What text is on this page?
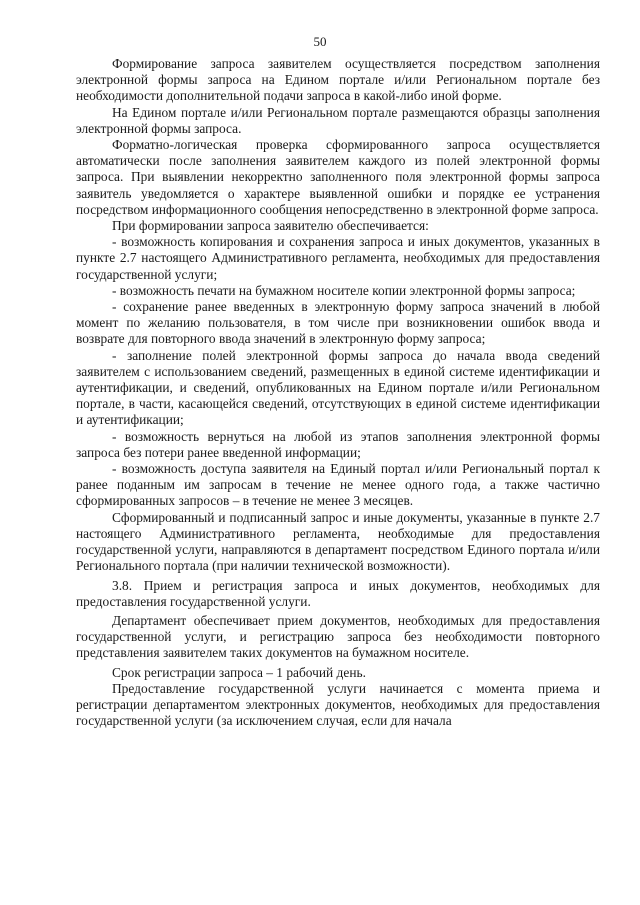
50

Формирование запроса заявителем осуществляется посредством заполнения электронной формы запроса на Едином портале и/или Региональном портале без необходимости дополнительной подачи запроса в какой-либо иной форме.

На Едином портале и/или Региональном портале размещаются образцы заполнения электронной формы запроса.

Форматно-логическая проверка сформированного запроса осуществляется автоматически после заполнения заявителем каждого из полей электронной формы запроса. При выявлении некорректно заполненного поля электронной формы запроса заявитель уведомляется о характере выявленной ошибки и порядке ее устранения посредством информационного сообщения непосредственно в электронной форме запроса.

При формировании запроса заявителю обеспечивается:

- возможность копирования и сохранения запроса и иных документов, указанных в пункте 2.7 настоящего Административного регламента, необходимых для предоставления государственной услуги;

- возможность печати на бумажном носителе копии электронной формы запроса;

- сохранение ранее введенных в электронную форму запроса значений в любой момент по желанию пользователя, в том числе при возникновении ошибок ввода и возврате для повторного ввода значений в электронную форму запроса;

- заполнение полей электронной формы запроса до начала ввода сведений заявителем с использованием сведений, размещенных в единой системе идентификации и аутентификации, и сведений, опубликованных на Едином портале и/или Региональном портале, в части, касающейся сведений, отсутствующих в единой системе идентификации и аутентификации;

- возможность вернуться на любой из этапов заполнения электронной формы запроса без потери ранее введенной информации;

- возможность доступа заявителя на Единый портал и/или Региональный портал к ранее поданным им запросам в течение не менее одного года, а также частично сформированных запросов – в течение не менее 3 месяцев.

Сформированный и подписанный запрос и иные документы, указанные в пункте 2.7 настоящего Административного регламента, необходимые для предоставления государственной услуги, направляются в департамент посредством Единого портала и/или Регионального портала (при наличии технической возможности).

3.8. Прием и регистрация запроса и иных документов, необходимых для предоставления государственной услуги.

Департамент обеспечивает прием документов, необходимых для предоставления государственной услуги, и регистрацию запроса без необходимости повторного представления заявителем таких документов на бумажном носителе.

Срок регистрации запроса – 1 рабочий день.

Предоставление государственной услуги начинается с момента приема и регистрации департаментом электронных документов, необходимых для предоставления государственной услуги (за исключением случая, если для начала
